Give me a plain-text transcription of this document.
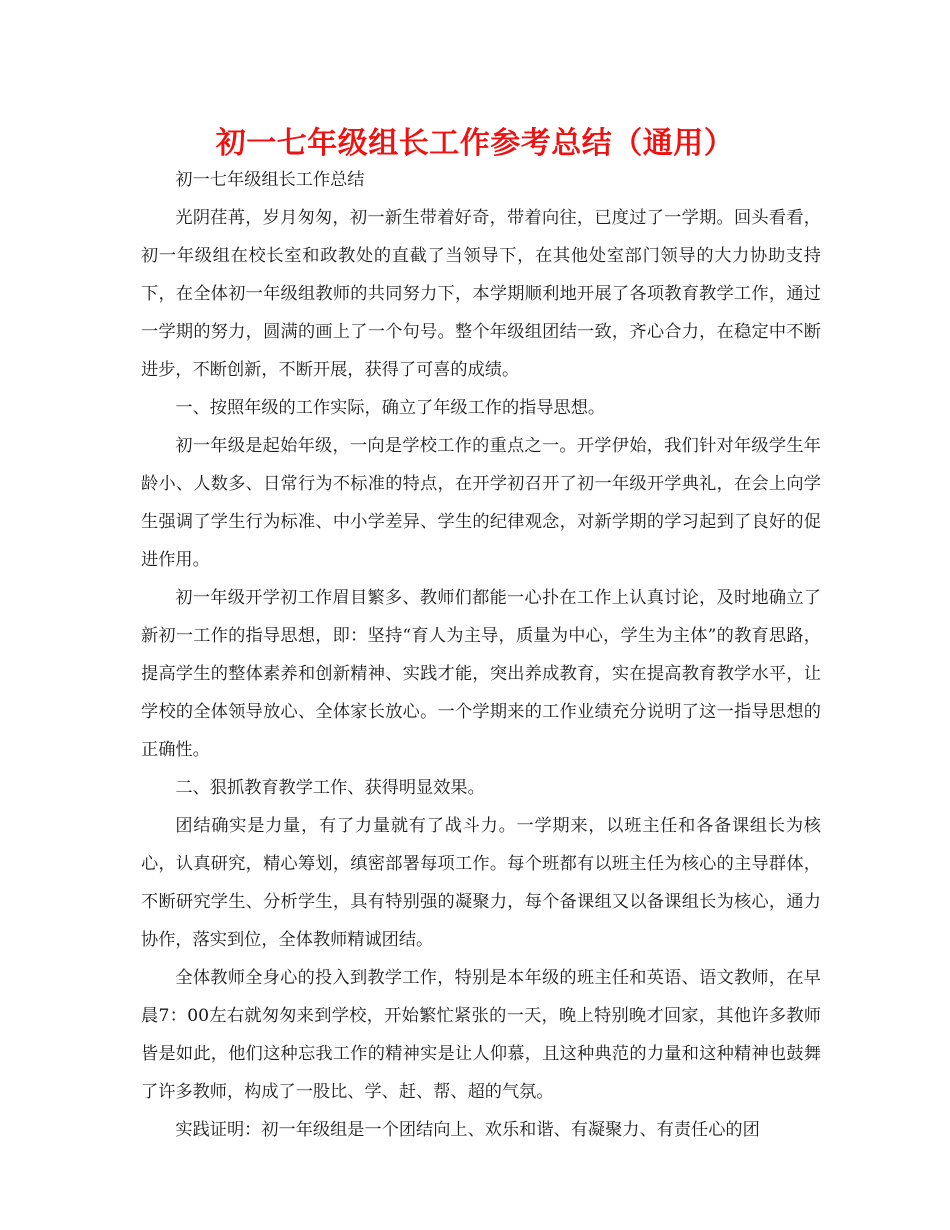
初一七年级组长工作参考总结（通用）

初一七年级组长工作总结

光阴荏苒，岁月匆匆，初一新生带着好奇，带着向往，已度过了一学期。回头看看，初一年级组在校长室和政教处的直截了当领导下，在其他处室部门领导的大力协助支持下，在全体初一年级组教师的共同努力下，本学期顺利地开展了各项教育教学工作，通过一学期的努力，圆满的画上了一个句号。整个年级组团结一致，齐心合力，在稳定中不断进步，不断创新，不断开展，获得了可喜的成绩。

一、按照年级的工作实际，确立了年级工作的指导思想。

初一年级是起始年级，一向是学校工作的重点之一。开学伊始，我们针对年级学生年龄小、人数多、日常行为不标准的特点，在开学初召开了初一年级开学典礼，在会上向学生强调了学生行为标准、中小学差异、学生的纪律观念，对新学期的学习起到了良好的促进作用。

初一年级开学初工作眉目繁多、教师们都能一心扑在工作上认真讨论，及时地确立了新初一工作的指导思想，即：坚持“育人为主导，质量为中心，学生为主体”的教育思路，提高学生的整体素养和创新精神、实践才能，突出养成教育，实在提高教育教学水平，让学校的全体领导放心、全体家长放心。一个学期来的工作业绩充分说明了这一指导思想的正确性。

二、狠抓教育教学工作、获得明显效果。

团结确实是力量，有了力量就有了战斗力。一学期来，以班主任和各备课组长为核心，认真研究，精心筹划，缜密部署每项工作。每个班都有以班主任为核心的主导群体，不断研究学生、分析学生，具有特别强的凝聚力，每个备课组又以备课组长为核心，通力协作，落实到位，全体教师精诚团结。

全体教师全身心的投入到教学工作，特别是本年级的班主任和英语、语文教师，在早晨7：00左右就匆匆来到学校，开始繁忙紧张的一天，晚上特别晚才回家，其他许多教师皆是如此，他们这种忘我工作的精神实是让人仰慕，且这种典范的力量和这种精神也鼓舞了许多教师，构成了一股比、学、赶、帮、超的气氛。

实践证明：初一年级组是一个团结向上、欢乐和谐、有凝聚力、有责任心的团
